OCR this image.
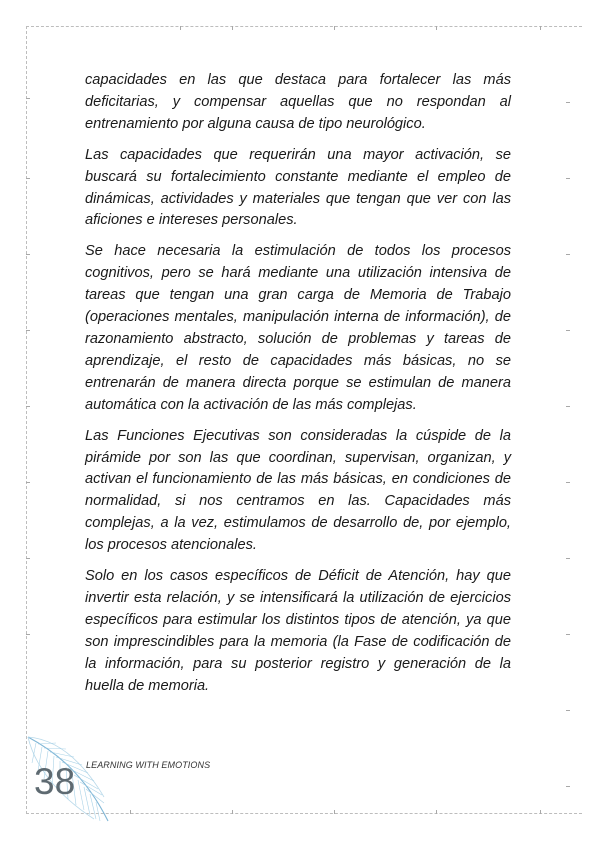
capacidades en las que destaca para fortalecer las más deficitarias, y compensar aquellas que no respondan al entrenamiento por alguna causa de tipo neurológico.

Las capacidades que requerirán una mayor activación, se buscará su fortalecimiento constante mediante el empleo de dinámicas, actividades y materiales que tengan que ver con las aficiones e intereses personales.

Se hace necesaria la estimulación de todos los procesos cognitivos, pero se hará mediante una utilización intensiva de tareas que tengan una gran carga de Memoria de Trabajo (operaciones mentales, manipulación interna de información), de razonamiento abstracto, solución de problemas y tareas de aprendizaje, el resto de capacidades más básicas, no se entrenarán de manera directa porque se estimulan de manera automática con la activación de las más complejas.

Las Funciones Ejecutivas son consideradas la cúspide de la pirámide por son las que coordinan, supervisan, organizan, y activan el funcionamiento de las más básicas, en condiciones de normalidad, si nos centramos en las. Capacidades más complejas, a la vez, estimulamos de desarrollo de, por ejemplo, los procesos atencionales.

Solo en los casos específicos de Déficit de Atención, hay que invertir esta relación, y se intensificará la utilización de ejercicios específicos para estimular los distintos tipos de atención, ya que son imprescindibles para la memoria (la Fase de codificación de la información, para su posterior registro y generación de la huella de memoria.

38 LEARNING WITH EMOTIONS
